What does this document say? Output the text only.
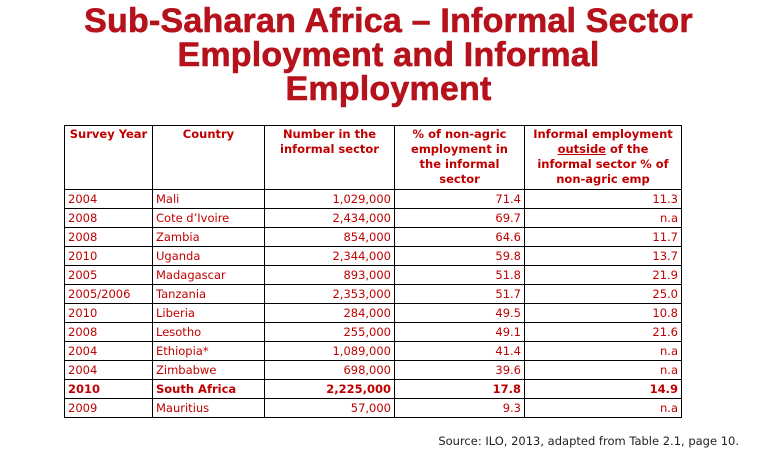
Sub-Saharan Africa – Informal Sector
Employment and Informal
Employment
Survey Year	Country	Number in the informal sector	% of non-agric employment in the informal sector	Informal employment outside of the informal sector % of non-agric emp
2004	Mali	1,029,000	71.4	11.3
2008	Cote d’Ivoire	2,434,000	69.7	n.a
2008	Zambia	854,000	64.6	11.7
2010	Uganda	2,344,000	59.8	13.7
2005	Madagascar	893,000	51.8	21.9
2005/2006	Tanzania	2,353,000	51.7	25.0
2010	Liberia	284,000	49.5	10.8
2008	Lesotho	255,000	49.1	21.6
2004	Ethiopia*	1,089,000	41.4	n.a
2004	Zimbabwe	698,000	39.6	n.a
2010	South Africa	2,225,000	17.8	14.9
2009	Mauritius	57,000	9.3	n.a
Source: ILO, 2013, adapted from Table 2.1, page 10.
